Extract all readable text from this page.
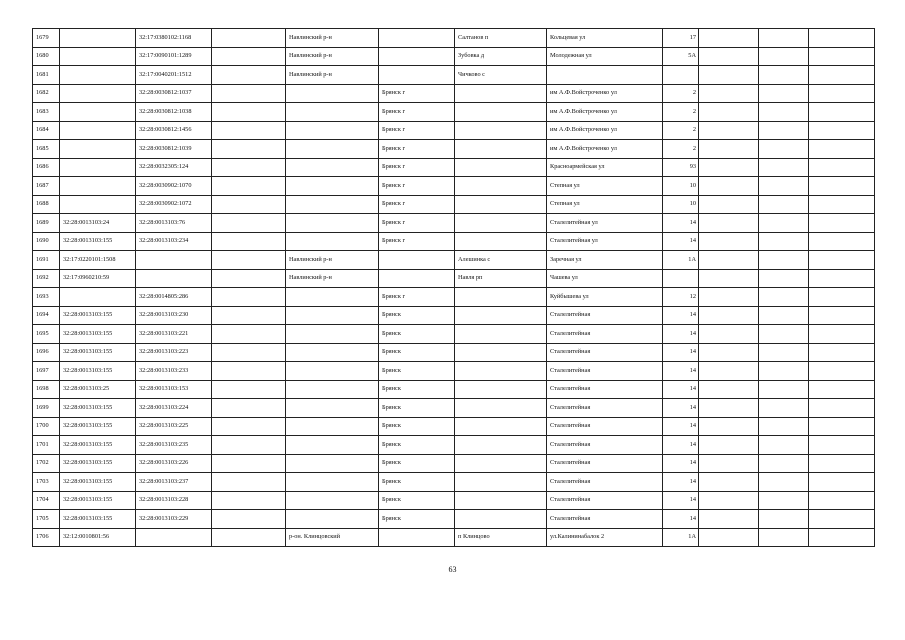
1679		32:17:0380102:1168		Навлинский р-н		Салтанов п	Кольцевая ул	17			
1680		32:17:0090101:1289		Навлинский р-н		Зубовка д	Молодежная ул	5А			
1681		32:17:0040201:1512		Навлинский р-н		Чичково с					
1682		32:28:0030812:1037			Брянск г		им А.Ф.Войстроченко ул	2			
1683		32:28:0030812:1038			Брянск г		им А.Ф.Войстроченко ул	2			
1684		32:28:0030812:1456			Брянск г		им А.Ф.Войстроченко ул	2			
1685		32:28:0030812:1039			Брянск г		им А.Ф.Войстроченко ул	2			
1686		32:28:0032305:124			Брянск г		Красноармейская ул	93			
1687		32:28:0030902:1070			Брянск г		Степная ул	10			
1688		32:28:0030902:1072			Брянск г		Степная ул	10			
1689	32:28:0013103:24	32:28:0013103:76			Брянск г		Сталелитейная ул	14			
1690	32:28:0013103:155	32:28:0013103:234			Брянск г		Сталелитейная ул	14			
1691	32:17:0220101:1508			Навлинский р-н		Алешинка с	Заречная ул	1А			
1692	32:17:0960210:59			Навлинский р-н		Навля рп	Чашева ул				
1693		32:28:0014805:286			Брянск г		Куйбышева ул	12			
1694	32:28:0013103:155	32:28:0013103:230			Брянск		Сталелитейная	14			
1695	32:28:0013103:155	32:28:0013103:221			Брянск		Сталелитейная	14			
1696	32:28:0013103:155	32:28:0013103:223			Брянск		Сталелитейная	14			
1697	32:28:0013103:155	32:28:0013103:233			Брянск		Сталелитейная	14			
1698	32:28:0013103:25	32:28:0013103:153			Брянск		Сталелитейная	14			
1699	32:28:0013103:155	32:28:0013103:224			Брянск		Сталелитейная	14			
1700	32:28:0013103:155	32:28:0013103:225			Брянск		Сталелитейная	14			
1701	32:28:0013103:155	32:28:0013103:235			Брянск		Сталелитейная	14			
1702	32:28:0013103:155	32:28:0013103:226			Брянск		Сталелитейная	14			
1703	32:28:0013103:155	32:28:0013103:237			Брянск		Сталелитейная	14			
1704	32:28:0013103:155	32:28:0013103:228			Брянск		Сталелитейная	14			
1705	32:28:0013103:155	32:28:0013103:229			Брянск		Сталелитейная	14			
1706	32:12:0010801:56			р-он. Клинцовский		п Клинцово	ул.Калининабалок 2	1А			
63
